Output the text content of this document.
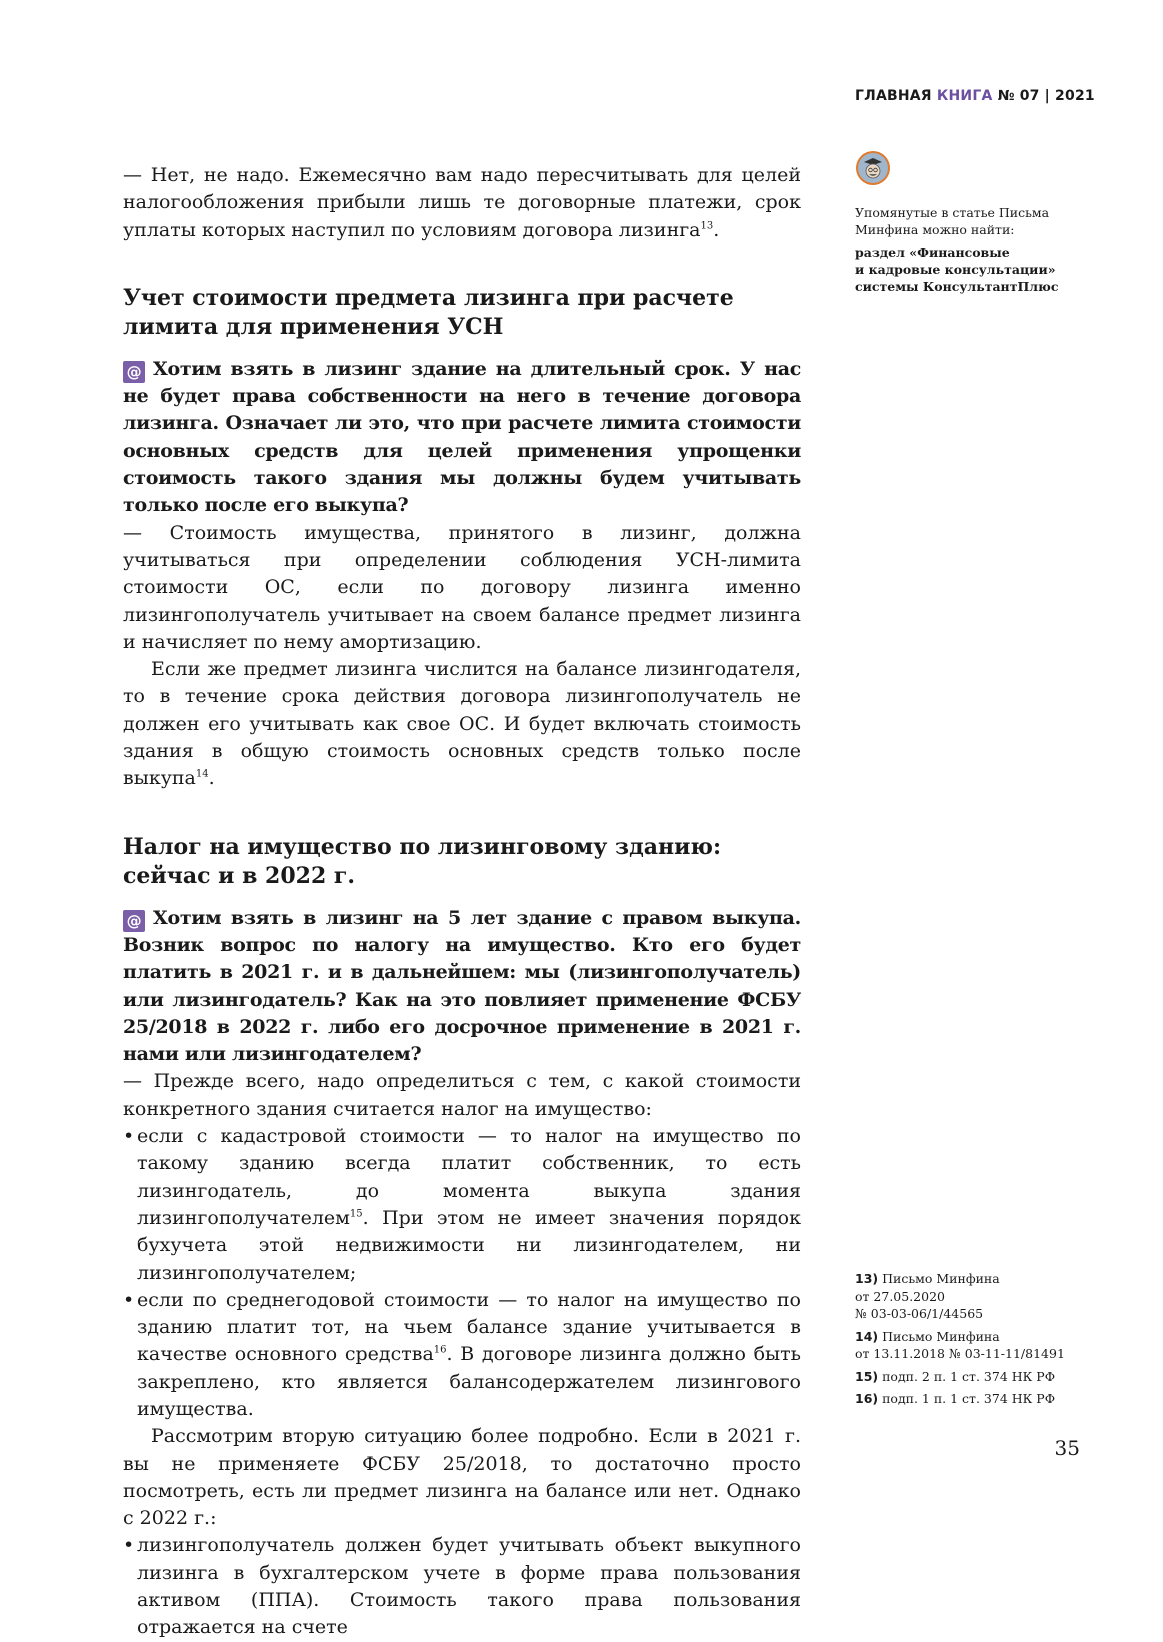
ГЛАВНАЯ КНИГА № 07 | 2021

— Нет, не надо. Ежемесячно вам надо пересчитывать для целей налогообложения прибыли лишь те договорные платежи, срок уплаты которых наступил по условиям договора лизинга$^{13}$.

Учет стоимости предмета лизинга при расчете лимита для применения УСН

@ Хотим взять в лизинг здание на длительный срок. У нас не будет права собственности на него в течение договора лизинга. Означает ли это, что при расчете лимита стоимости основных средств для целей применения упрощенки стоимость такого здания мы должны будем учитывать только после его выкупа?

— Стоимость имущества, принятого в лизинг, должна учитываться при определении соблюдения УСН-лимита стоимости ОС, если по договору лизинга именно лизингополучатель учитывает на своем балансе предмет лизинга и начисляет по нему амортизацию.

Если же предмет лизинга числится на балансе лизингодателя, то в течение срока действия договора лизингополучатель не должен его учитывать как свое ОС. И будет включать стоимость здания в общую стоимость основных средств только после выкупа$^{14}$.

Налог на имущество по лизинговому зданию: сейчас и в 2022 г.

@ Хотим взять в лизинг на 5 лет здание с правом выкупа. Возник вопрос по налогу на имущество. Кто его будет платить в 2021 г. и в дальнейшем: мы (лизингополучатель) или лизингодатель? Как на это повлияет применение ФСБУ 25/2018 в 2022 г. либо его досрочное применение в 2021 г. нами или лизингодателем?

— Прежде всего, надо определиться с тем, с какой стоимости конкретного здания считается налог на имущество:

• если с кадастровой стоимости — то налог на имущество по такому зданию всегда платит собственник, то есть лизингодатель, до момента выкупа здания лизингополучателем$^{15}$. При этом не имеет значения порядок бухучета этой недвижимости ни лизингодателем, ни лизингополучателем;
• если по среднегодовой стоимости — то налог на имущество по зданию платит тот, на чьем балансе здание учитывается в качестве основного средства$^{16}$. В договоре лизинга должно быть закреплено, кто является балансодержателем лизингового имущества.

Рассмотрим вторую ситуацию более подробно. Если в 2021 г. вы не применяете ФСБУ 25/2018, то достаточно просто посмотреть, есть ли предмет лизинга на балансе или нет. Однако с 2022 г.:

• лизингополучатель должен будет учитывать объект выкупного лизинга в бухгалтерском учете в форме права пользования активом (ППА). Стоимость такого права пользования отражается на счете

Упомянутые в статье Письма Минфина можно найти:

раздел «Финансовые

и кадровые консультации»

системы КонсультантПлюс

13) Письмо Минфина
от 27.05.2020
№ 03-03-06/1/44565
14) Письмо Минфина
от 13.11.2018 № 03-11-11/81491
15) подп. 2 п. 1 ст. 374 НК РФ
16) подп. 1 п. 1 ст. 374 НК РФ
35
